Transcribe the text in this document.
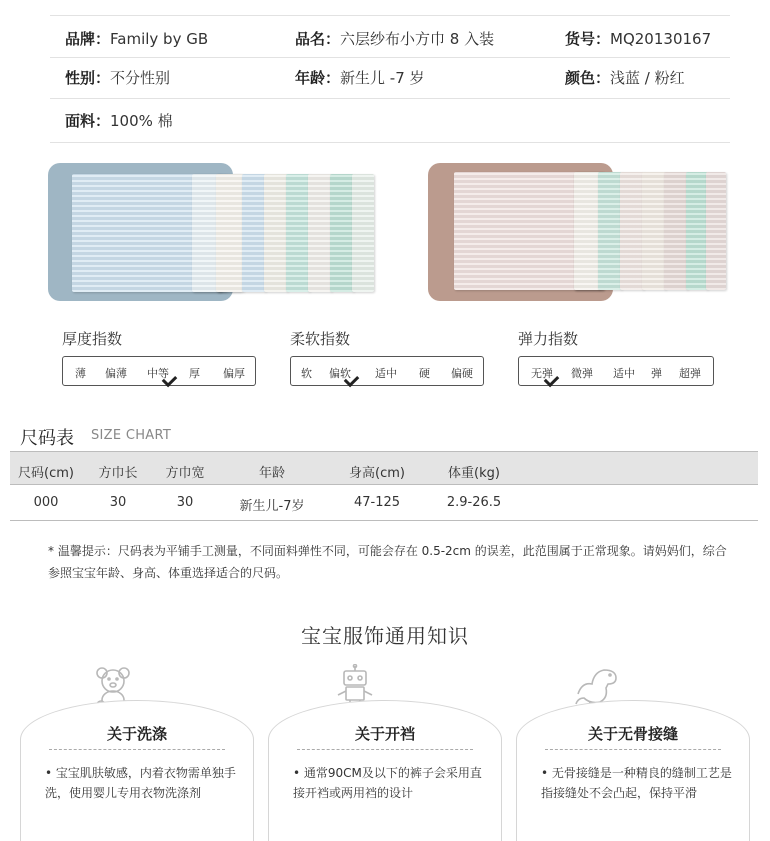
品牌：Family by GB	品名：六层纱布小方巾 8 入装	货号：MQ20130167
性别：不分性别	年龄：新生儿 -7 岁	颜色：浅蓝 / 粉红
面料：100% 棉
厚度指数
薄 偏薄 中等 厚 偏厚
柔软指数
软 偏软 适中 硬 偏硬
弹力指数
无弹 微弹 适中 弹 超弹
尺码表 SIZE CHART
尺码(cm) 方巾长 方巾宽	年龄	身高(cm)	体重(kg)
000	30	30	新生儿-7岁	47-125	2.9-26.5
* 温馨提示：尺码表为平铺手工测量，不同面料弹性不同，可能会存在 0.5-2cm 的误差，此范围属于正常现象。请妈妈们，综合参照宝宝年龄、身高、体重选择适合的尺码。
宝宝服饰通用知识
关于洗涤
• 宝宝肌肤敏感，内着衣物需单独手洗，使用婴儿专用衣物洗涤剂
关于开裆
• 通常90CM及以下的裤子会采用直接开裆或两用裆的设计
关于无骨接缝
• 无骨接缝是一种精良的缝制工艺是指接缝处不会凸起，保持平滑
